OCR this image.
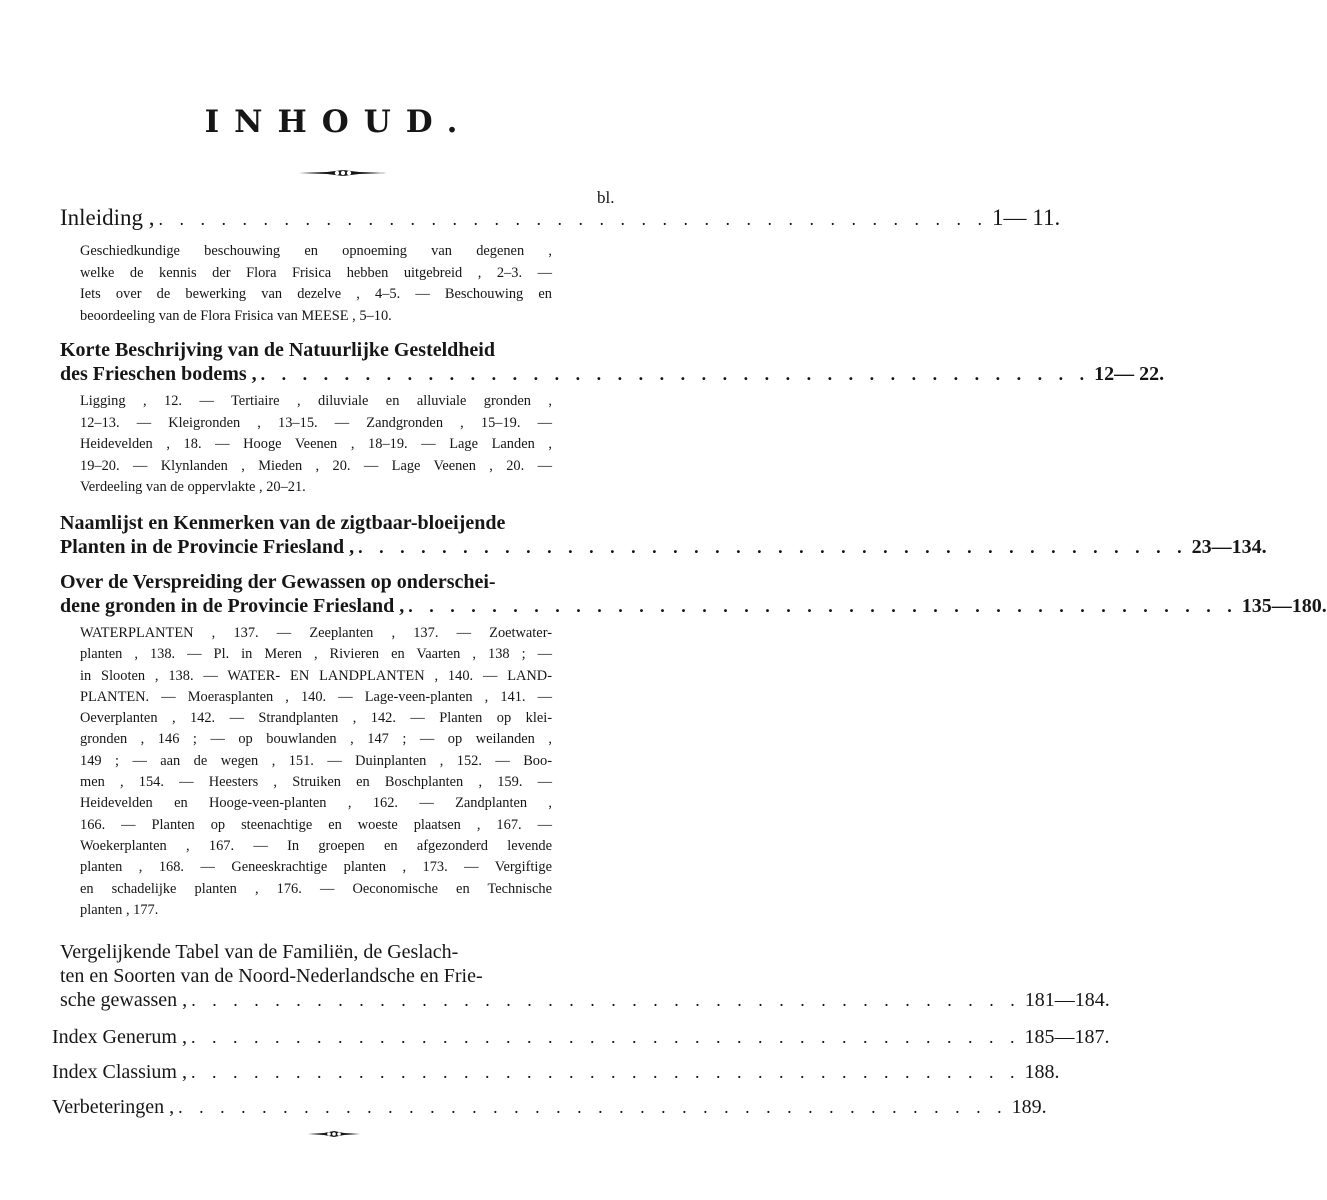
INHOUD.
bl.
Inleiding , . . . . . . . . . . . . . . . . . . . . . . . . . . . . . . . . . . . . . . . . 1— 11.
Geschiedkundige beschouwing en opnoeming van degenen ,
welke de kennis der Flora Frisica hebben uitgebreid , 2–3. —
Iets over de bewerking van dezelve , 4–5. — Beschouwing en
beoordeeling van de Flora Frisica van MEESE , 5–10.
Korte Beschrijving van de Natuurlijke Gesteldheid
des Frieschen bodems , . . . . . . . . . . . . . . . . . . . . . . . . . . . . . . . . . . . . . . . . 12— 22.
Ligging , 12. — Tertiaire , diluviale en alluviale gronden ,
12–13. — Kleigronden , 13–15. — Zandgronden , 15–19. —
Heidevelden , 18. — Hooge Veenen , 18–19. — Lage Landen ,
19–20. — Klynlanden , Mieden , 20. — Lage Veenen , 20. —
Verdeeling van de oppervlakte , 20–21.
Naamlijst en Kenmerken van de zigtbaar-bloeijende
Planten in de Provincie Friesland , . . . . . . . . . . . . . . . . . . . . . . . . . . . . . . . . . . . . . . . . 23—134.
Over de Verspreiding der Gewassen op onderschei-
dene gronden in de Provincie Friesland , . . . . . . . . . . . . . . . . . . . . . . . . . . . . . . . . . . . . . . . . 135—180.
WATERPLANTEN , 137. — Zeeplanten , 137. — Zoetwater-
planten , 138. — Pl. in Meren , Rivieren en Vaarten , 138 ; —
in Slooten , 138. — WATER- EN LANDPLANTEN , 140. — LAND-
PLANTEN. — Moerasplanten , 140. — Lage-veen-planten , 141. —
Oeverplanten , 142. — Strandplanten , 142. — Planten op klei-
gronden , 146 ; — op bouwlanden , 147 ; — op weilanden ,
149 ; — aan de wegen , 151. — Duinplanten , 152. — Boo-
men , 154. — Heesters , Struiken en Boschplanten , 159. —
Heidevelden en Hooge-veen-planten , 162. — Zandplanten ,
166. — Planten op steenachtige en woeste plaatsen , 167. —
Woekerplanten , 167. — In groepen en afgezonderd levende
planten , 168. — Geneeskrachtige planten , 173. — Vergiftige
en schadelijke planten , 176. — Oeconomische en Technische
planten , 177.
Vergelijkende Tabel van de Familiën, de Geslach-
ten en Soorten van de Noord-Nederlandsche en Frie-
sche gewassen , . . . . . . . . . . . . . . . . . . . . . . . . . . . . . . . . . . . . . . . . 181—184.
Index Generum , . . . . . . . . . . . . . . . . . . . . . . . . . . . . . . . . . . . . . . . . 185—187.
Index Classium , . . . . . . . . . . . . . . . . . . . . . . . . . . . . . . . . . . . . . . . . 188.
Verbeteringen , . . . . . . . . . . . . . . . . . . . . . . . . . . . . . . . . . . . . . . . . 189.
